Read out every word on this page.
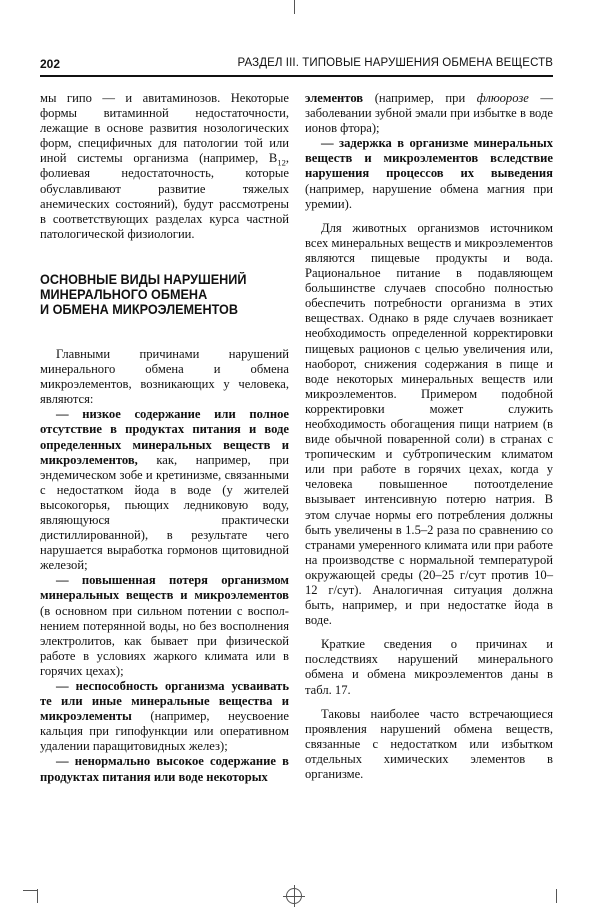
202	РАЗДЕЛ III. ТИПОВЫЕ НАРУШЕНИЯ ОБМЕНА ВЕЩЕСТВ

мы гипо — и авитаминозов. Некоторые формы витаминной недостаточности, лежащие в основе развития нозологических форм, специфичных для патологии той или иной системы организма (например, $В_{12}$, фолиевая недостаточность, которые обуславливают развитие тяжелых анемических состояний), будут рассмотрены в соответствующих разделах курса частной патологической физиологии.

ОСНОВНЫЕ ВИДЫ НАРУШЕНИЙ
МИНЕРАЛЬНОГО ОБМЕНА
И ОБМЕНА МИКРОЭЛЕМЕНТОВ

Главными причинами нарушений минерального обмена и обмена микроэлементов, возникающих у человека, являются:

— низкое содержание или полное отсутствие в продуктах питания и воде определенных минеральных веществ и микроэлементов, как, например, при эндемическом зобе и кретинизме, связанными с недостатком йода в воде (у жителей высокогорья, пьющих ледниковую воду, являющуюся практически дистиллированной), в результате чего нарушается выработка гормонов щитовидной железой;

— повышенная потеря организмом минеральных веществ и микроэлементов (в основном при сильном потении с воспол-нением потерянной воды, но без восполнения электролитов, как бывает при физической работе в условиях жаркого климата или в горячих цехах);

— неспособность организма усваивать те или иные минеральные вещества и микроэлементы (например, неусвоение кальция при гипофункции или оперативном удалении паращитовидных желез);

— ненормально высокое содержание в продуктах питания или воде некоторых

элементов (например, при флюорозе — заболевании зубной эмали при избытке в воде ионов фтора);

— задержка в организме минеральных веществ и микроэлементов вследствие нарушения процессов их выведения (например, нарушение обмена магния при уремии).

Для животных организмов источником всех минеральных веществ и микроэлементов являются пищевые продукты и вода. Рациональное питание в подавляющем большинстве случаев способно полностью обеспечить потребности организма в этих веществах. Однако в ряде случаев возникает необходимость определенной корректировки пищевых рационов с целью увеличения или, наоборот, снижения содержания в пище и воде некоторых минеральных веществ или микроэлементов. Примером подобной корректировки может служить необходимость обогащения пищи натрием (в виде обычной поваренной соли) в странах с тропическим и субтропическим климатом или при работе в горячих цехах, когда у человека повышенное потоотделение вызывает интенсивную потерю натрия. В этом случае нормы его потребления должны быть увеличены в 1.5–2 раза по сравнению со странами умеренного климата или при работе на производстве с нормальной температурой окружающей среды (20–25 г/сут против 10–12 г/сут). Аналогичная ситуация должна быть, например, и при недостатке йода в воде.

Краткие сведения о причинах и последствиях нарушений минерального обмена и обмена микроэлементов даны в табл. 17.

Таковы наиболее часто встречающиеся проявления нарушений обмена веществ, связанные с недостатком или избытком отдельных химических элементов в организме.
